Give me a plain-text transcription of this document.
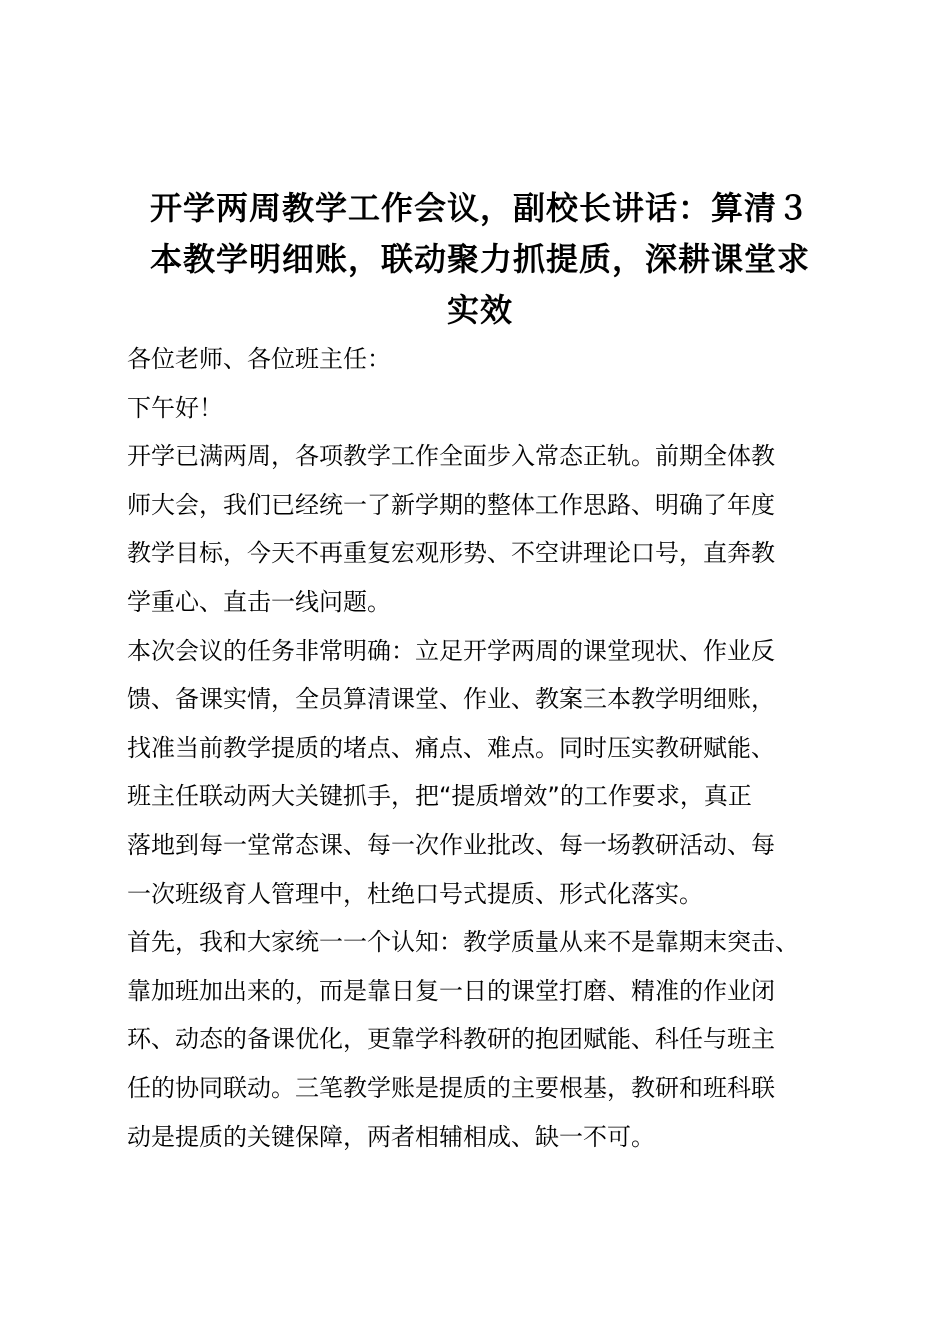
开学两周教学工作会议，副校长讲话：算清３
本教学明细账，联动聚力抓提质，深耕课堂求
实效

各位老师、各位班主任：

下午好！

开学已满两周，各项教学工作全面步入常态正轨。前期全体教
师大会，我们已经统一了新学期的整体工作思路、明确了年度
教学目标，今天不再重复宏观形势、不空讲理论口号，直奔教
学重心、直击一线问题。

本次会议的任务非常明确：立足开学两周的课堂现状、作业反
馈、备课实情，全员算清课堂、作业、教案三本教学明细账，
找准当前教学提质的堵点、痛点、难点。同时压实教研赋能、
班主任联动两大关键抓手，把“提质增效”的工作要求，真正
落地到每一堂常态课、每一次作业批改、每一场教研活动、每
一次班级育人管理中，杜绝口号式提质、形式化落实。

首先，我和大家统一一个认知：教学质量从来不是靠期末突击、
靠加班加出来的，而是靠日复一日的课堂打磨、精准的作业闭
环、动态的备课优化，更靠学科教研的抱团赋能、科任与班主
任的协同联动。三笔教学账是提质的主要根基，教研和班科联
动是提质的关键保障，两者相辅相成、缺一不可。
